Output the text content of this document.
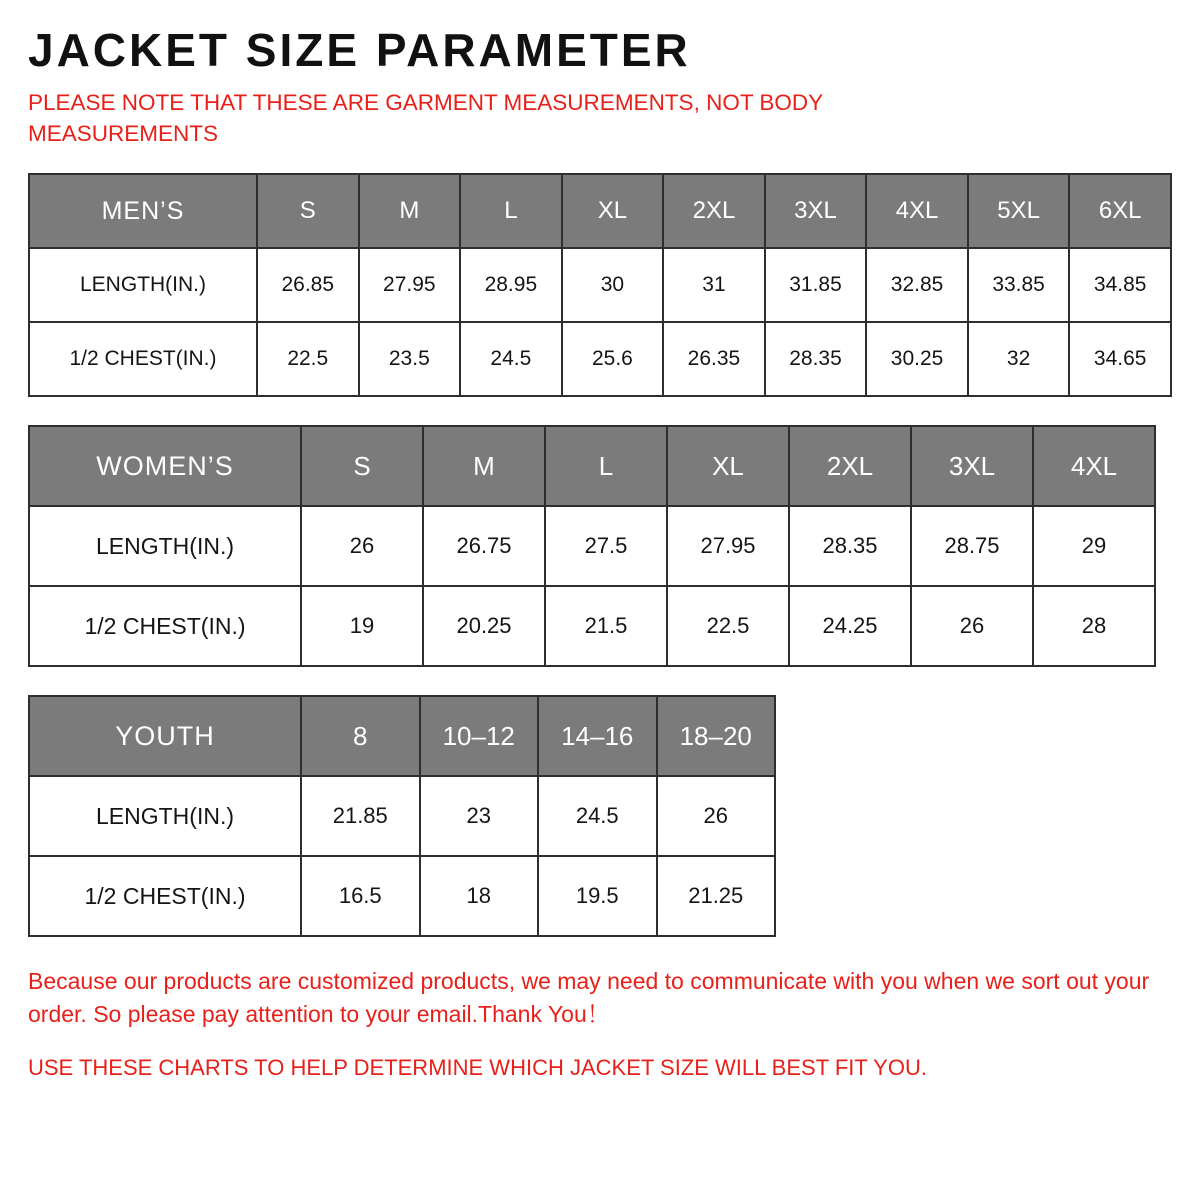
JACKET SIZE PARAMETER

PLEASE NOTE THAT THESE ARE GARMENT MEASUREMENTS, NOT BODY MEASUREMENTS

MEN’S	S	M	L	XL	2XL	3XL	4XL	5XL	6XL
LENGTH(IN.)	26.85	27.95	28.95	30	31	31.85	32.85	33.85	34.85
1/2 CHEST(IN.)	22.5	23.5	24.5	25.6	26.35	28.35	30.25	32	34.65
WOMEN’S	S	M	L	XL	2XL	3XL	4XL
LENGTH(IN.)	26	26.75	27.5	27.95	28.35	28.75	29
1/2 CHEST(IN.)	19	20.25	21.5	22.5	24.25	26	28
YOUTH	8	10–12	14–16	18–20
LENGTH(IN.)	21.85	23	24.5	26
1/2 CHEST(IN.)	16.5	18	19.5	21.25
Because our products are customized products, we may need to communicate with you when we sort out your order. So please pay attention to your email.Thank You！
USE THESE CHARTS TO HELP DETERMINE WHICH JACKET SIZE WILL BEST FIT YOU.
